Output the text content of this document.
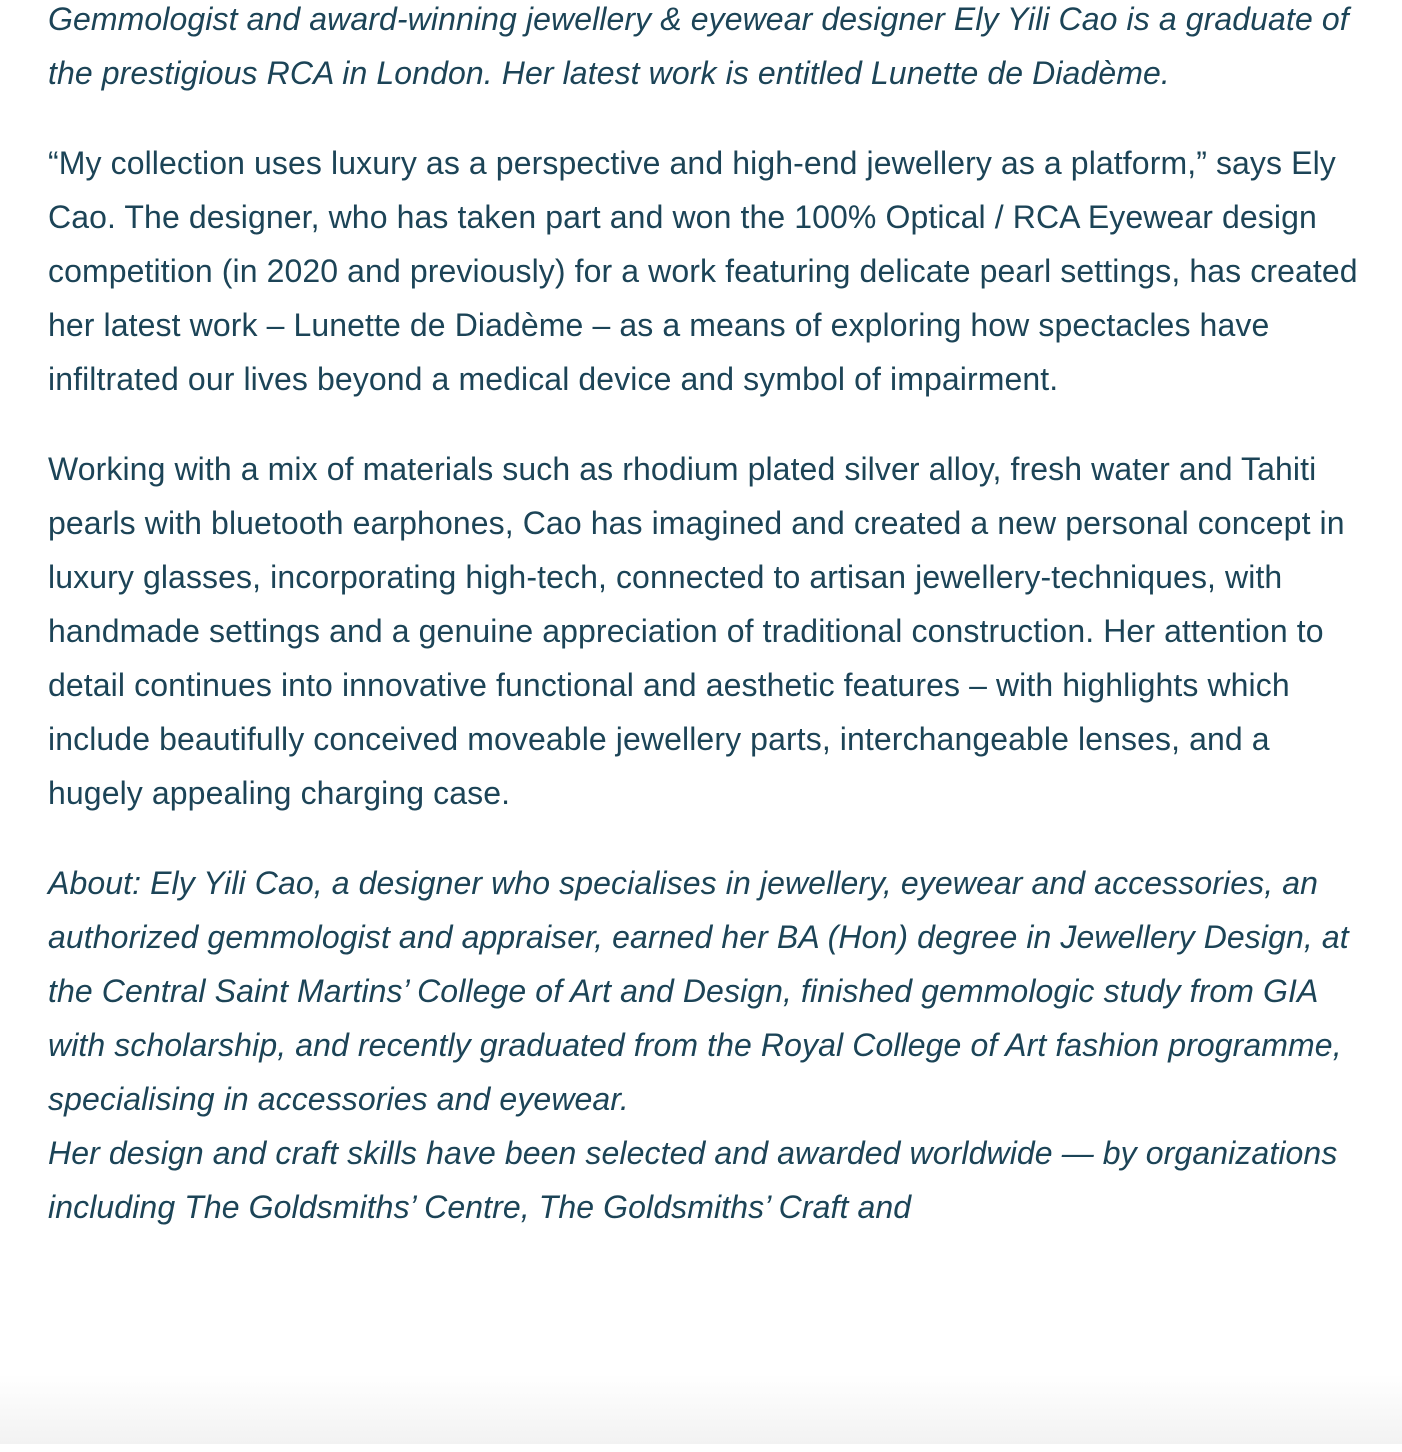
Gemmologist and award-winning jewellery & eyewear designer Ely Yili Cao is a graduate of the prestigious RCA in London. Her latest work is entitled Lunette de Diadème.

“My collection uses luxury as a perspective and high-end jewellery as a platform,” says Ely Cao. The designer, who has taken part and won the 100% Optical / RCA Eyewear design competition (in 2020 and previously) for a work featuring delicate pearl settings, has created her latest work – Lunette de Diadème – as a means of exploring how spectacles have infiltrated our lives beyond a medical device and symbol of impairment.

Working with a mix of materials such as rhodium plated silver alloy, fresh water and Tahiti pearls with bluetooth earphones, Cao has imagined and created a new personal concept in luxury glasses, incorporating high-tech, connected to artisan jewellery-techniques, with handmade settings and a genuine appreciation of traditional construction. Her attention to detail continues into innovative functional and aesthetic features – with highlights which include beautifully conceived moveable jewellery parts, interchangeable lenses, and a hugely appealing charging case.

About: Ely Yili Cao, a designer who specialises in jewellery, eyewear and accessories, an authorized gemmologist and appraiser, earned her BA (Hon) degree in Jewellery Design, at the Central Saint Martins’ College of Art and Design, finished gemmologic study from GIA with scholarship, and recently graduated from the Royal College of Art fashion programme, specialising in accessories and eyewear.

Her design and craft skills have been selected and awarded worldwide — by organizations including The Goldsmiths’ Centre, The Goldsmiths’ Craft and
